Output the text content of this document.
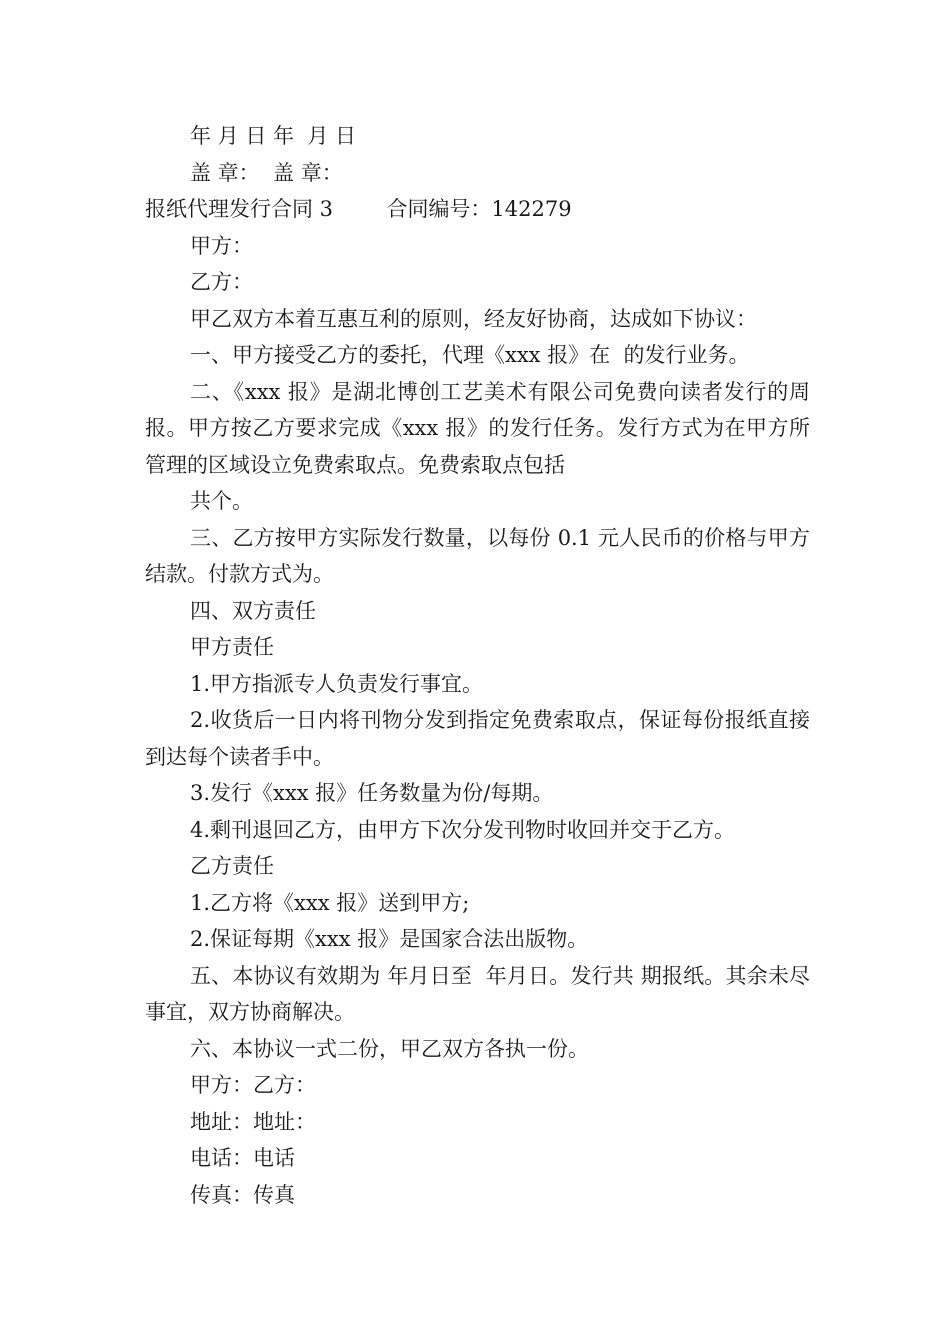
年 月 日 年  月 日

盖 章：  盖 章：

报纸代理发行合同 3        合同编号：142279

甲方：

乙方：

甲乙双方本着互惠互利的原则，经友好协商，达成如下协议：

一、甲方接受乙方的委托，代理《xxx 报》在  的发行业务。

二、《xxx 报》是湖北博创工艺美术有限公司免费向读者发行的周报。甲方按乙方要求完成《xxx 报》的发行任务。发行方式为在甲方所管理的区域设立免费索取点。免费索取点包括

共个。

三、乙方按甲方实际发行数量，以每份 0.1 元人民币的价格与甲方结款。付款方式为。

四、双方责任

甲方责任

1.甲方指派专人负责发行事宜。

2.收货后一日内将刊物分发到指定免费索取点，保证每份报纸直接到达每个读者手中。

3.发行《xxx 报》任务数量为份/每期。

4.剩刊退回乙方，由甲方下次分发刊物时收回并交于乙方。

乙方责任

1.乙方将《xxx 报》送到甲方;

2.保证每期《xxx 报》是国家合法出版物。

五、本协议有效期为 年月日至  年月日。发行共 期报纸。其余未尽事宜，双方协商解决。

六、本协议一式二份，甲乙双方各执一份。

甲方：乙方：

地址：地址：

电话：电话

传真：传真
